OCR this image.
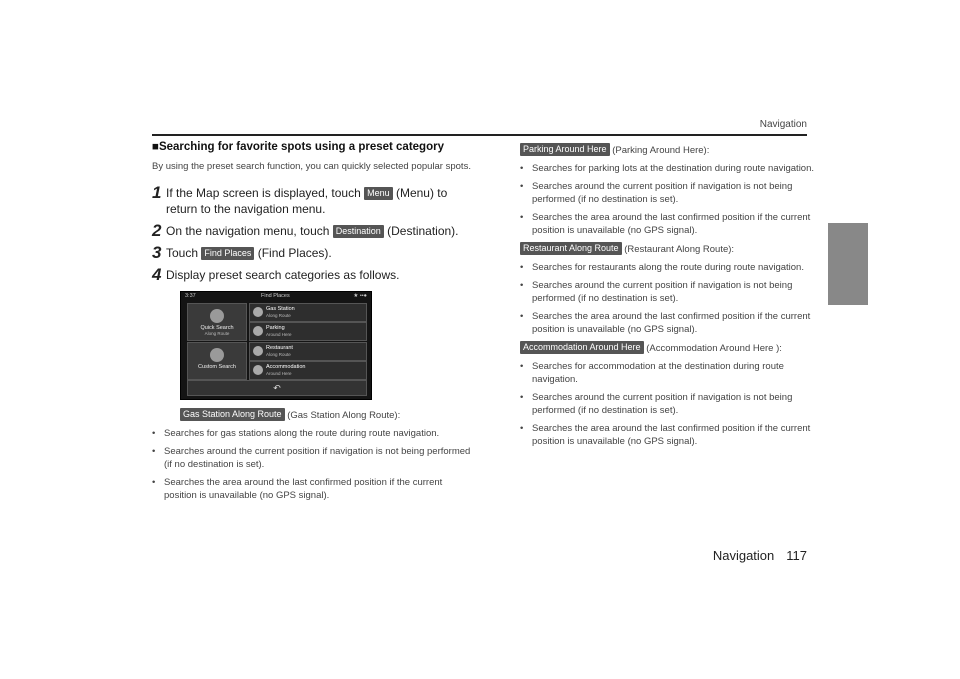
Navigation
■Searching for favorite spots using a preset category
By using the preset search function, you can quickly selected popular spots.
1 If the Map screen is displayed, touch Menu (Menu) to return to the navigation menu.
2 On the navigation menu, touch Destination (Destination).
3 Touch Find Places (Find Places).
4 Display preset search categories as follows.
3:37	Find Places	★ ••●
Quick Search
Along Route
Custom Search
Gas Station
Along Route
Parking
Around Here
Restaurant
Along Route
Accommodation
Around Here
↶
Gas Station Along Route (Gas Station Along Route):
• Searches for gas stations along the route during route navigation.
• Searches around the current position if navigation is not being performed (if no destination is set).
• Searches the area around the last confirmed position if the current position is unavailable (no GPS signal).
Parking Around Here (Parking Around Here):
• Searches for parking lots at the destination during route navigation.
• Searches around the current position if navigation is not being performed (if no destination is set).
• Searches the area around the last confirmed position if the current position is unavailable (no GPS signal).
Restaurant Along Route (Restaurant Along Route):
• Searches for restaurants along the route during route navigation.
• Searches around the current position if navigation is not being performed (if no destination is set).
• Searches the area around the last confirmed position if the current position is unavailable (no GPS signal).
Accommodation Around Here (Accommodation Around Here ):
• Searches for accommodation at the destination during route navigation.
• Searches around the current position if navigation is not being performed (if no destination is set).
• Searches the area around the last confirmed position if the current position is unavailable (no GPS signal).
Navigation 117
